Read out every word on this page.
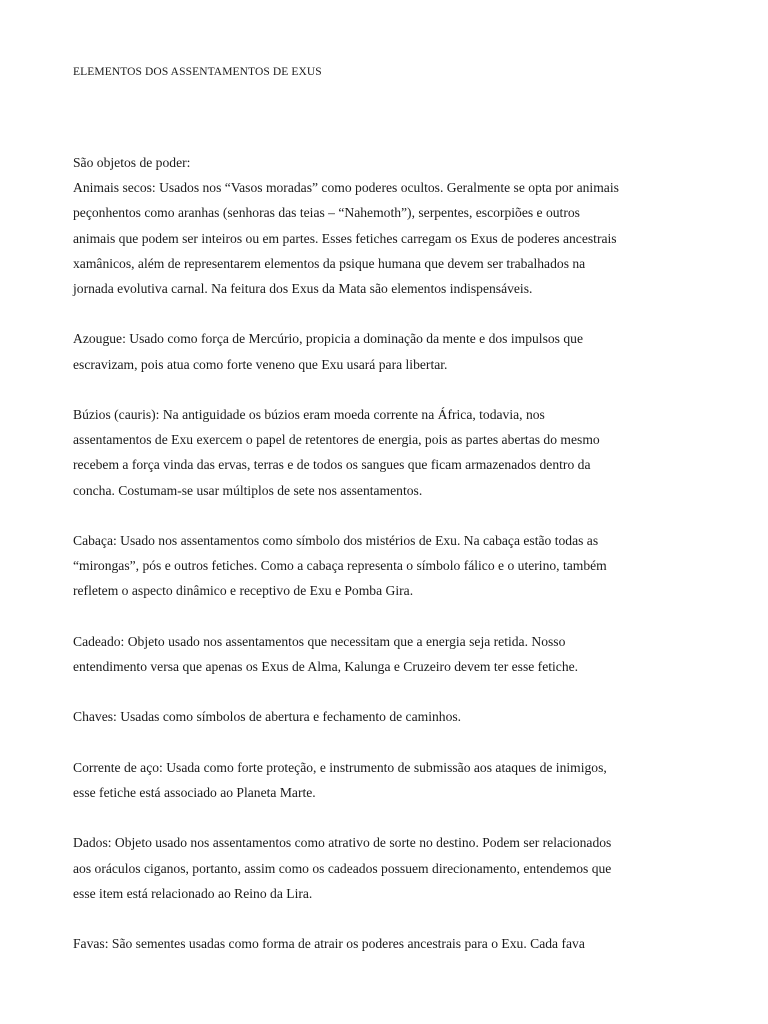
ELEMENTOS DOS ASSENTAMENTOS DE EXUS

São objetos de poder:

Animais secos: Usados nos “Vasos moradas” como poderes ocultos. Geralmente se opta por animais
peçonhentos como aranhas (senhoras das teias – “Nahemoth”), serpentes, escorpiões e outros
animais que podem ser inteiros ou em partes. Esses fetiches carregam os Exus de poderes ancestrais
xamânicos, além de representarem elementos da psique humana que devem ser trabalhados na
jornada evolutiva carnal. Na feitura dos Exus da Mata são elementos indispensáveis.

Azougue: Usado como força de Mercúrio, propicia a dominação da mente e dos impulsos que
escravizam, pois atua como forte veneno que Exu usará para libertar.

Búzios (cauris): Na antiguidade os búzios eram moeda corrente na África, todavia, nos
assentamentos de Exu exercem o papel de retentores de energia, pois as partes abertas do mesmo
recebem a força vinda das ervas, terras e de todos os sangues que ficam armazenados dentro da
concha. Costumam-se usar múltiplos de sete nos assentamentos.

Cabaça: Usado nos assentamentos como símbolo dos mistérios de Exu. Na cabaça estão todas as
“mirongas”, pós e outros fetiches. Como a cabaça representa o símbolo fálico e o uterino, também
refletem o aspecto dinâmico e receptivo de Exu e Pomba Gira.

Cadeado: Objeto usado nos assentamentos que necessitam que a energia seja retida. Nosso
entendimento versa que apenas os Exus de Alma, Kalunga e Cruzeiro devem ter esse fetiche.

Chaves: Usadas como símbolos de abertura e fechamento de caminhos.

Corrente de aço: Usada como forte proteção, e instrumento de submissão aos ataques de inimigos,
esse fetiche está associado ao Planeta Marte.

Dados: Objeto usado nos assentamentos como atrativo de sorte no destino. Podem ser relacionados
aos oráculos ciganos, portanto, assim como os cadeados possuem direcionamento, entendemos que
esse item está relacionado ao Reino da Lira.

Favas: São sementes usadas como forma de atrair os poderes ancestrais para o Exu. Cada fava
